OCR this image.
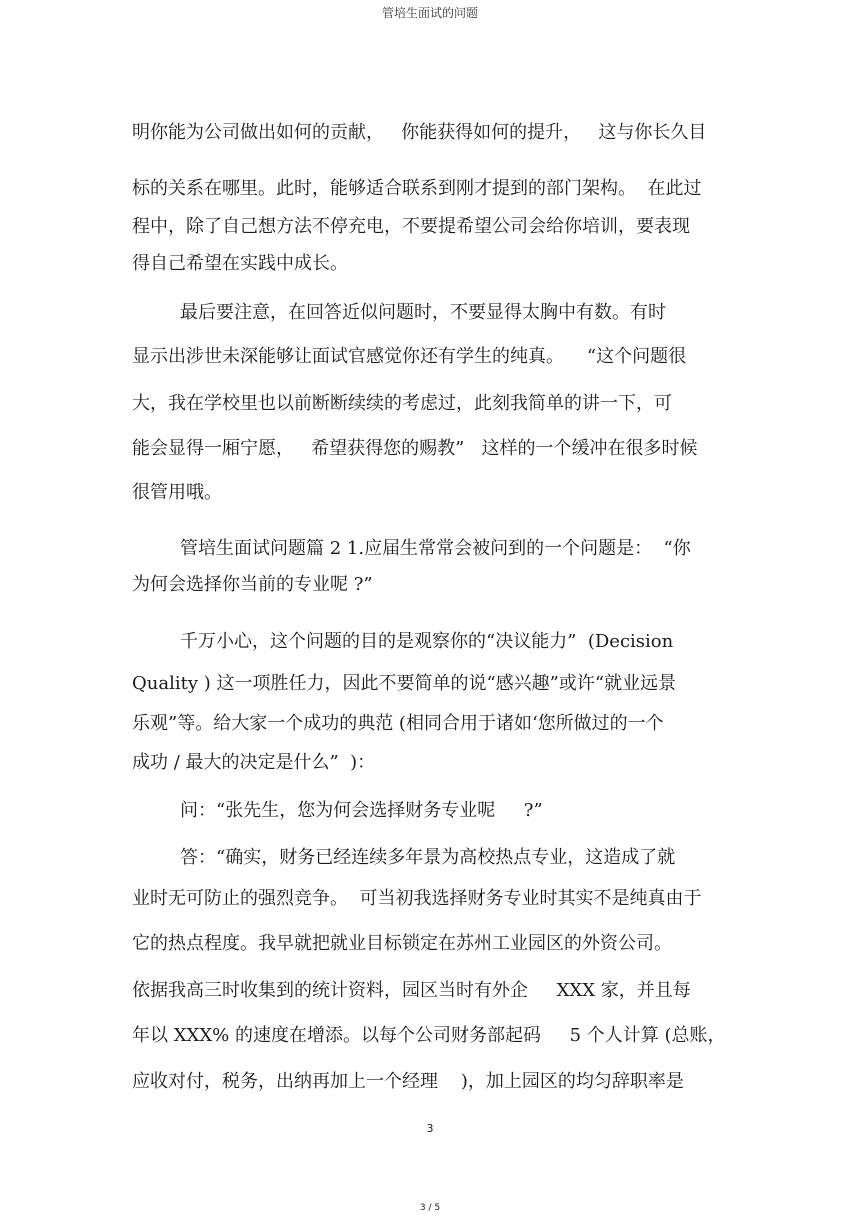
管培生面试的问题

明你能为公司做出如何的贡献，   你能获得如何的提升，   这与你长久目

标的关系在哪里。此时，能够适合联系到刚才提到的部门架构。  在此过

程中，除了自己想方法不停充电，不要提希望公司会给你培训，要表现

得自己希望在实践中成长。

最后要注意，在回答近似问题时，不要显得太胸中有数。有时

显示出涉世未深能够让面试官感觉你还有学生的纯真。    “这个问题很

大，我在学校里也以前断断续续的考虑过，此刻我简单的讲一下，可

能会显得一厢宁愿，   希望获得您的赐教”   这样的一个缓冲在很多时候

很管用哦。

管培生面试问题篇 2 1.应届生常常会被问到的一个问题是：  “你

为何会选择你当前的专业呢 ?”

千万小心，这个问题的目的是观察你的“决议能力”  (Decision

Quality ) 这一项胜任力，因此不要简单的说“感兴趣”或许“就业远景

乐观”等。给大家一个成功的典范 (相同合用于诸如‘您所做过的一个

成功 / 最大的决定是什么”  )：

问：“张先生，您为何会选择财务专业呢     ?”

答：“确实，财务已经连续多年景为高校热点专业，这造成了就

业时无可防止的强烈竞争。  可当初我选择财务专业时其实不是纯真由于

它的热点程度。我早就把就业目标锁定在苏州工业园区的外资公司。

依据我高三时收集到的统计资料，园区当时有外企     XXX 家，并且每

年以 XXX% 的速度在增添。以每个公司财务部起码     5 个人计算 (总账，

应收对付，税务，出纳再加上一个经理    )，加上园区的均匀辞职率是

3
3 / 5
